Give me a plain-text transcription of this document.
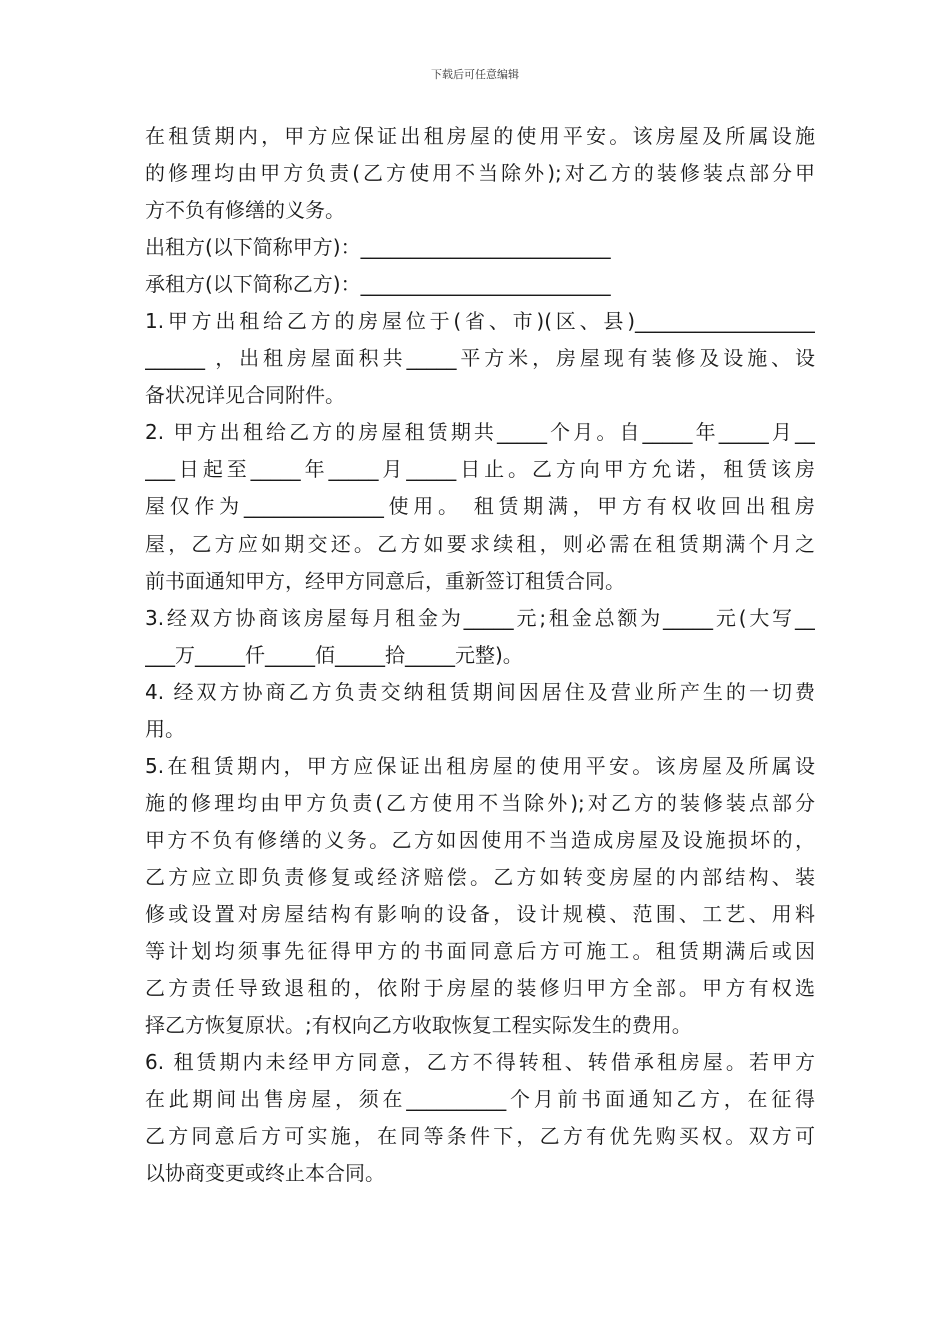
下载后可任意编辑
在租赁期内，甲方应保证出租房屋的使用平安。该房屋及所属设施
的修理均由甲方负责(乙方使用不当除外);对乙方的装修装点部分甲
方不负有修缮的义务。
出租方(以下简称甲方)：_________________________
承租方(以下简称乙方)：_________________________
1.甲方出租给乙方的房屋位于(省、市)(区、县)__________________
______ ，出租房屋面积共_____平方米，房屋现有装修及设施、设
备状况详见合同附件。
2. 甲方出租给乙方的房屋租赁期共_____个月。自_____年_____月__
___日起至_____年_____月_____日止。乙方向甲方允诺，租赁该房
屋仅作为______________使用。 租赁期满，甲方有权收回出租房
屋，乙方应如期交还。乙方如要求续租，则必需在租赁期满个月之
前书面通知甲方，经甲方同意后，重新签订租赁合同。
3.经双方协商该房屋每月租金为_____元;租金总额为_____元(大写__
___万_____仟_____佰_____拾_____元整)。
4. 经双方协商乙方负责交纳租赁期间因居住及营业所产生的一切费
用。
5.在租赁期内，甲方应保证出租房屋的使用平安。该房屋及所属设
施的修理均由甲方负责(乙方使用不当除外);对乙方的装修装点部分
甲方不负有修缮的义务。乙方如因使用不当造成房屋及设施损坏的，
乙方应立即负责修复或经济赔偿。乙方如转变房屋的内部结构、装
修或设置对房屋结构有影响的设备，设计规模、范围、工艺、用料
等计划均须事先征得甲方的书面同意后方可施工。租赁期满后或因
乙方责任导致退租的，依附于房屋的装修归甲方全部。甲方有权选
择乙方恢复原状。;有权向乙方收取恢复工程实际发生的费用。
6. 租赁期内未经甲方同意，乙方不得转租、转借承租房屋。若甲方
在此期间出售房屋，须在__________个月前书面通知乙方，在征得
乙方同意后方可实施，在同等条件下，乙方有优先购买权。双方可
以协商变更或终止本合同。
